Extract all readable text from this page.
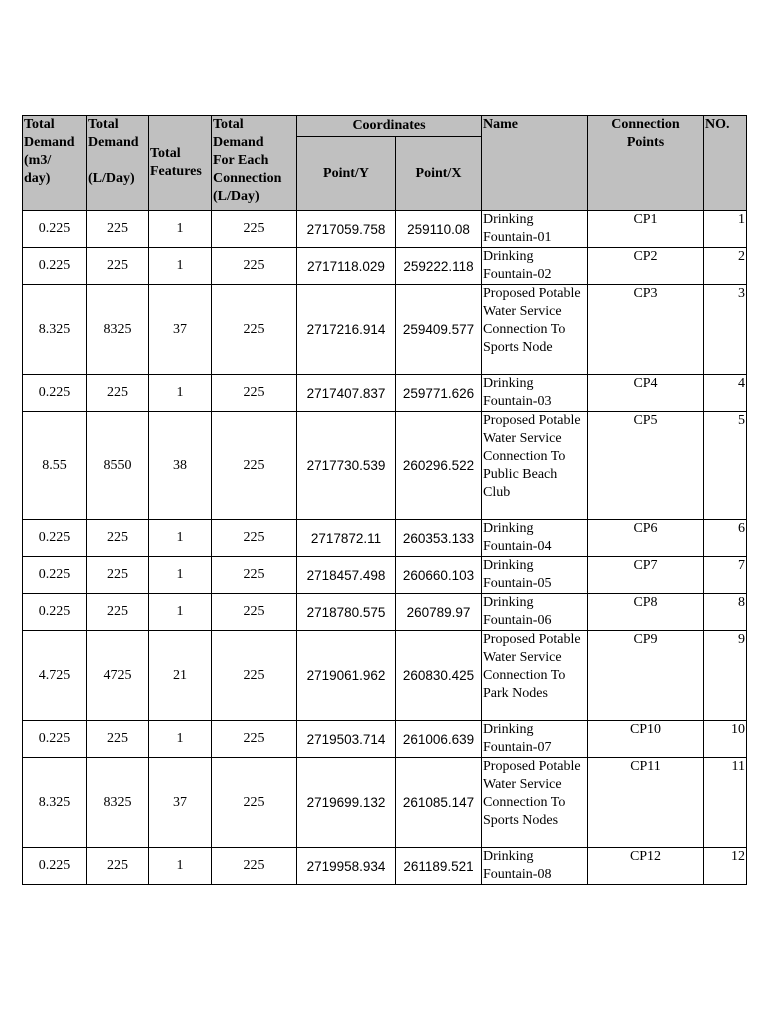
Total
Demand
(m3/
day)	Total
Demand

(L/Day)	Total
Features	Total
Demand
For Each
Connection
(L/Day)	Coordinates		Name	Connection
Points	NO.
				Point/Y	Point/X			
0.225	225	1	225	2717059.758	259110.08	Drinking Fountain-01	CP1	1
0.225	225	1	225	2717118.029	259222.118	Drinking Fountain-02	CP2	2
8.325	8325	37	225	2717216.914	259409.577	Proposed Potable Water Service Connection To Sports Node	CP3	3
0.225	225	1	225	2717407.837	259771.626	Drinking Fountain-03	CP4	4
8.55	8550	38	225	2717730.539	260296.522	Proposed Potable Water Service Connection To Public Beach Club	CP5	5
0.225	225	1	225	2717872.11	260353.133	Drinking Fountain-04	CP6	6
0.225	225	1	225	2718457.498	260660.103	Drinking Fountain-05	CP7	7
0.225	225	1	225	2718780.575	260789.97	Drinking Fountain-06	CP8	8
4.725	4725	21	225	2719061.962	260830.425	Proposed Potable Water Service Connection To Park Nodes	CP9	9
0.225	225	1	225	2719503.714	261006.639	Drinking Fountain-07	CP10	10
8.325	8325	37	225	2719699.132	261085.147	Proposed Potable Water Service Connection To Sports Nodes	CP11	11
0.225	225	1	225	2719958.934	261189.521	Drinking Fountain-08	CP12	12
